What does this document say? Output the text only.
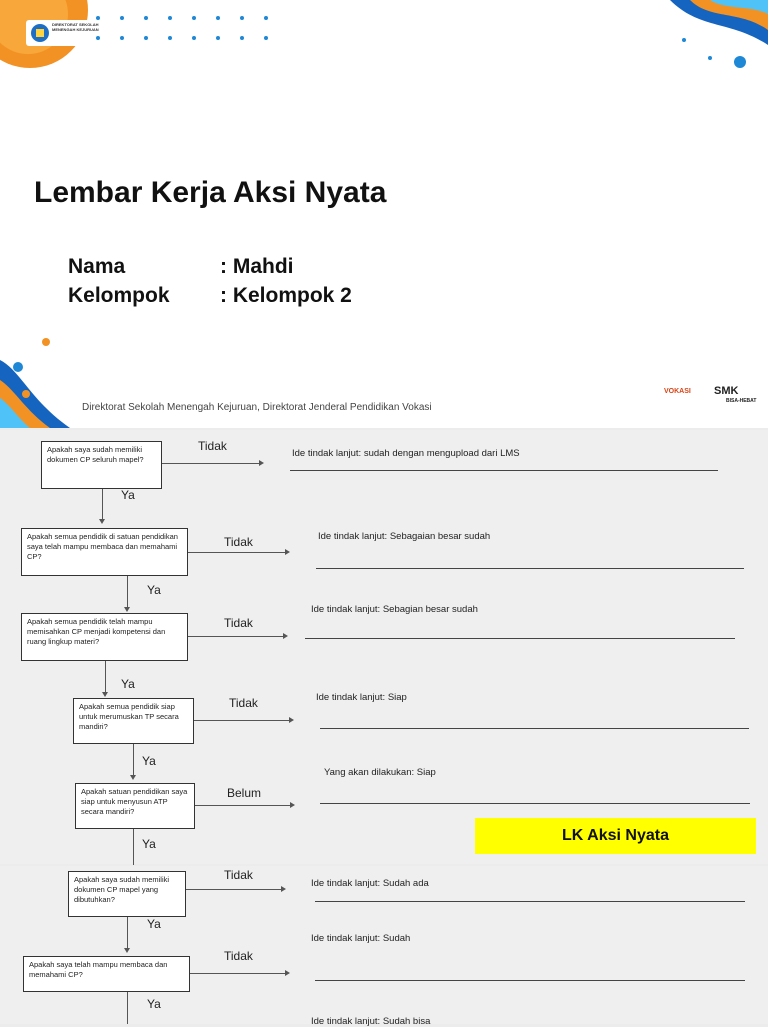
DIREKTORAT SEKOLAH MENENGAH KEJURUAN
Lembar Kerja Aksi Nyata
Nama	: Mahdi
Kelompok : Kelompok 2
Direktorat Sekolah Menengah Kejuruan, Direktorat Jenderal Pendidikan Vokasi
VOKASI SMK
BISA-HEBAT
Apakah saya sudah memiliki dokumen CP seluruh mapel?
Tidak
Ide tindak lanjut: sudah dengan mengupload dari LMS
Ya
Apakah semua pendidik di satuan pendidikan saya telah mampu membaca dan memahami CP?
Tidak	Ide tindak lanjut: Sebagaian besar sudah
Ya
Apakah semua pendidik telah mampu memisahkan CP menjadi kompetensi dan ruang lingkup materi?
Tidak
Ide tindak lanjut: Sebagian besar sudah
Ya
Apakah semua pendidik siap untuk merumuskan TP secara mandiri?
Tidak	Ide tindak lanjut: Siap
Ya
Apakah satuan pendidikan saya siap untuk menyusun ATP secara mandiri?
Belum
Yang akan dilakukan: Siap
Ya	LK Aksi Nyata
Apakah saya sudah memiliki dokumen CP mapel yang dibutuhkan?
Tidak
Ide tindak lanjut: Sudah ada
Ya
Apakah saya telah mampu membaca dan memahami CP?
Tidak
Ide tindak lanjut: Sudah
Ya
Ide tindak lanjut: Sudah bisa
